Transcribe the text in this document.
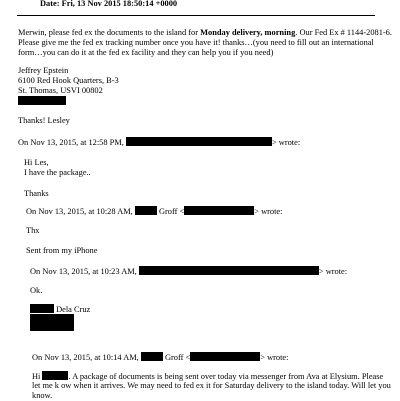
Date: Fri, 13 Nov 2015 18:50:14 +0000
Merwin, please fed ex the documents to the island for Monday delivery, morning. Our Fed Ex # 1144-2081-6.
Please give me the fed ex tracking number once you have it! thanks…(you need to fill out an international
form…you can do it at the fed ex facility and they can help you if you need)
Jeffrey Epstein
6100 Red Hook Quarters, B-3
St. Thomas, USVI 00802
Thanks! Lesley
On Nov 13, 2015, at 12:58 PM,	> wrote:
Hi Les,
I have the package..
Thanks
On Nov 13, 2015, at 10:28 AM,	Groff <	> wrote:
Thx
Sent from my iPhone
On Nov 13, 2015, at 10:23 AM,	> wrote:
Ok.
Dela Cruz
On Nov 13, 2015, at 10:14 AM,	Groff <	> wrote:
Hi	. A package of documents is being sent over today via messenger from Ava at Elysium. Please
let me k ow when it arrives. We may need to fed ex it for Saturday delivery to the island today. Will let you
know.
